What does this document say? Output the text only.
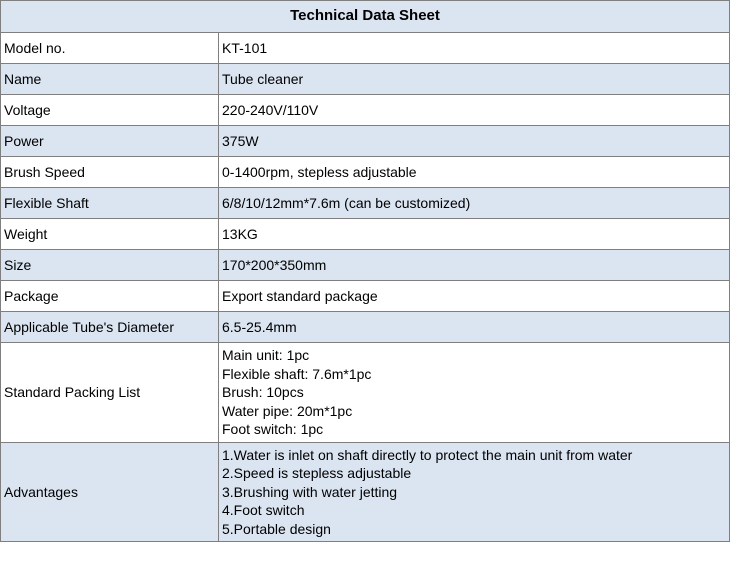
Technical Data Sheet	
Model no.	KT-101
Name	Tube cleaner
Voltage	220-240V/110V
Power	375W
Brush Speed	0-1400rpm, stepless adjustable
Flexible Shaft	6/8/10/12mm*7.6m (can be customized)
Weight	13KG
Size	170*200*350mm
Package	Export standard package
Applicable Tube's Diameter	6.5-25.4mm
Standard Packing List	Main unit: 1pc
Flexible shaft: 7.6m*1pc
Brush: 10pcs
Water pipe: 20m*1pc
Foot switch: 1pc

Advantages	1.Water is inlet on shaft directly to protect the main unit from water
2.Speed is stepless adjustable
3.Brushing with water jetting
4.Foot switch
5.Portable design
